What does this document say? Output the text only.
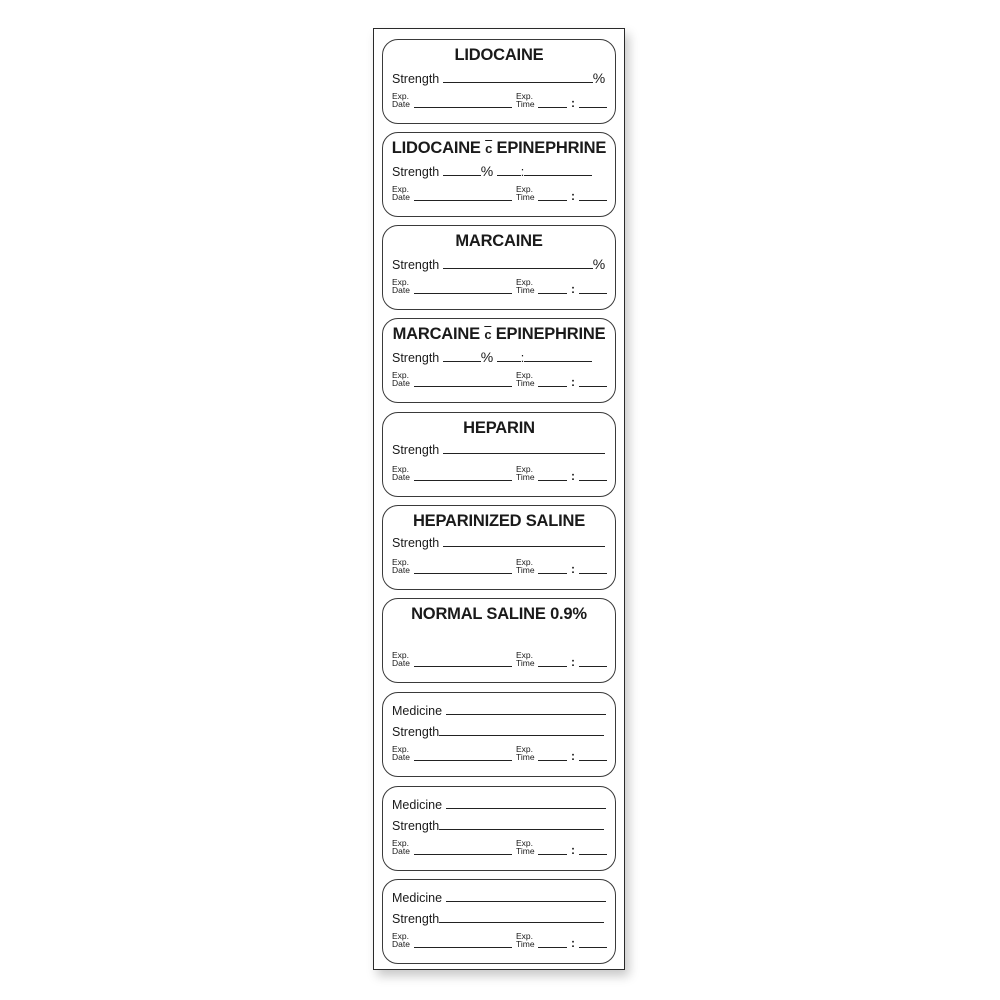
LIDOCAINE
Strength	%
Exp.
Date
Exp.
Time	:
LIDOCAINE $\overline{c}$ EPINEPHRINE
Strength	% :
Exp.
Date
Exp.
Time	:
MARCAINE
Strength	%
Exp.
Date
Exp.
Time	:
MARCAINE $\overline{c}$ EPINEPHRINE
Strength	% :
Exp.
Date
Exp.
Time	:
HEPARIN
Strength
Exp.
Date
Exp.
Time	:
HEPARINIZED SALINE
Strength
Exp.
Date
Exp.
Time	:
NORMAL SALINE 0.9%
Exp.
Date
Exp.
Time	:
Medicine
Strength
Exp.
Date
Exp.
Time	:
Medicine
Strength
Exp.
Date
Exp.
Time	:
Medicine
Strength
Exp.
Date
Exp.
Time	:
